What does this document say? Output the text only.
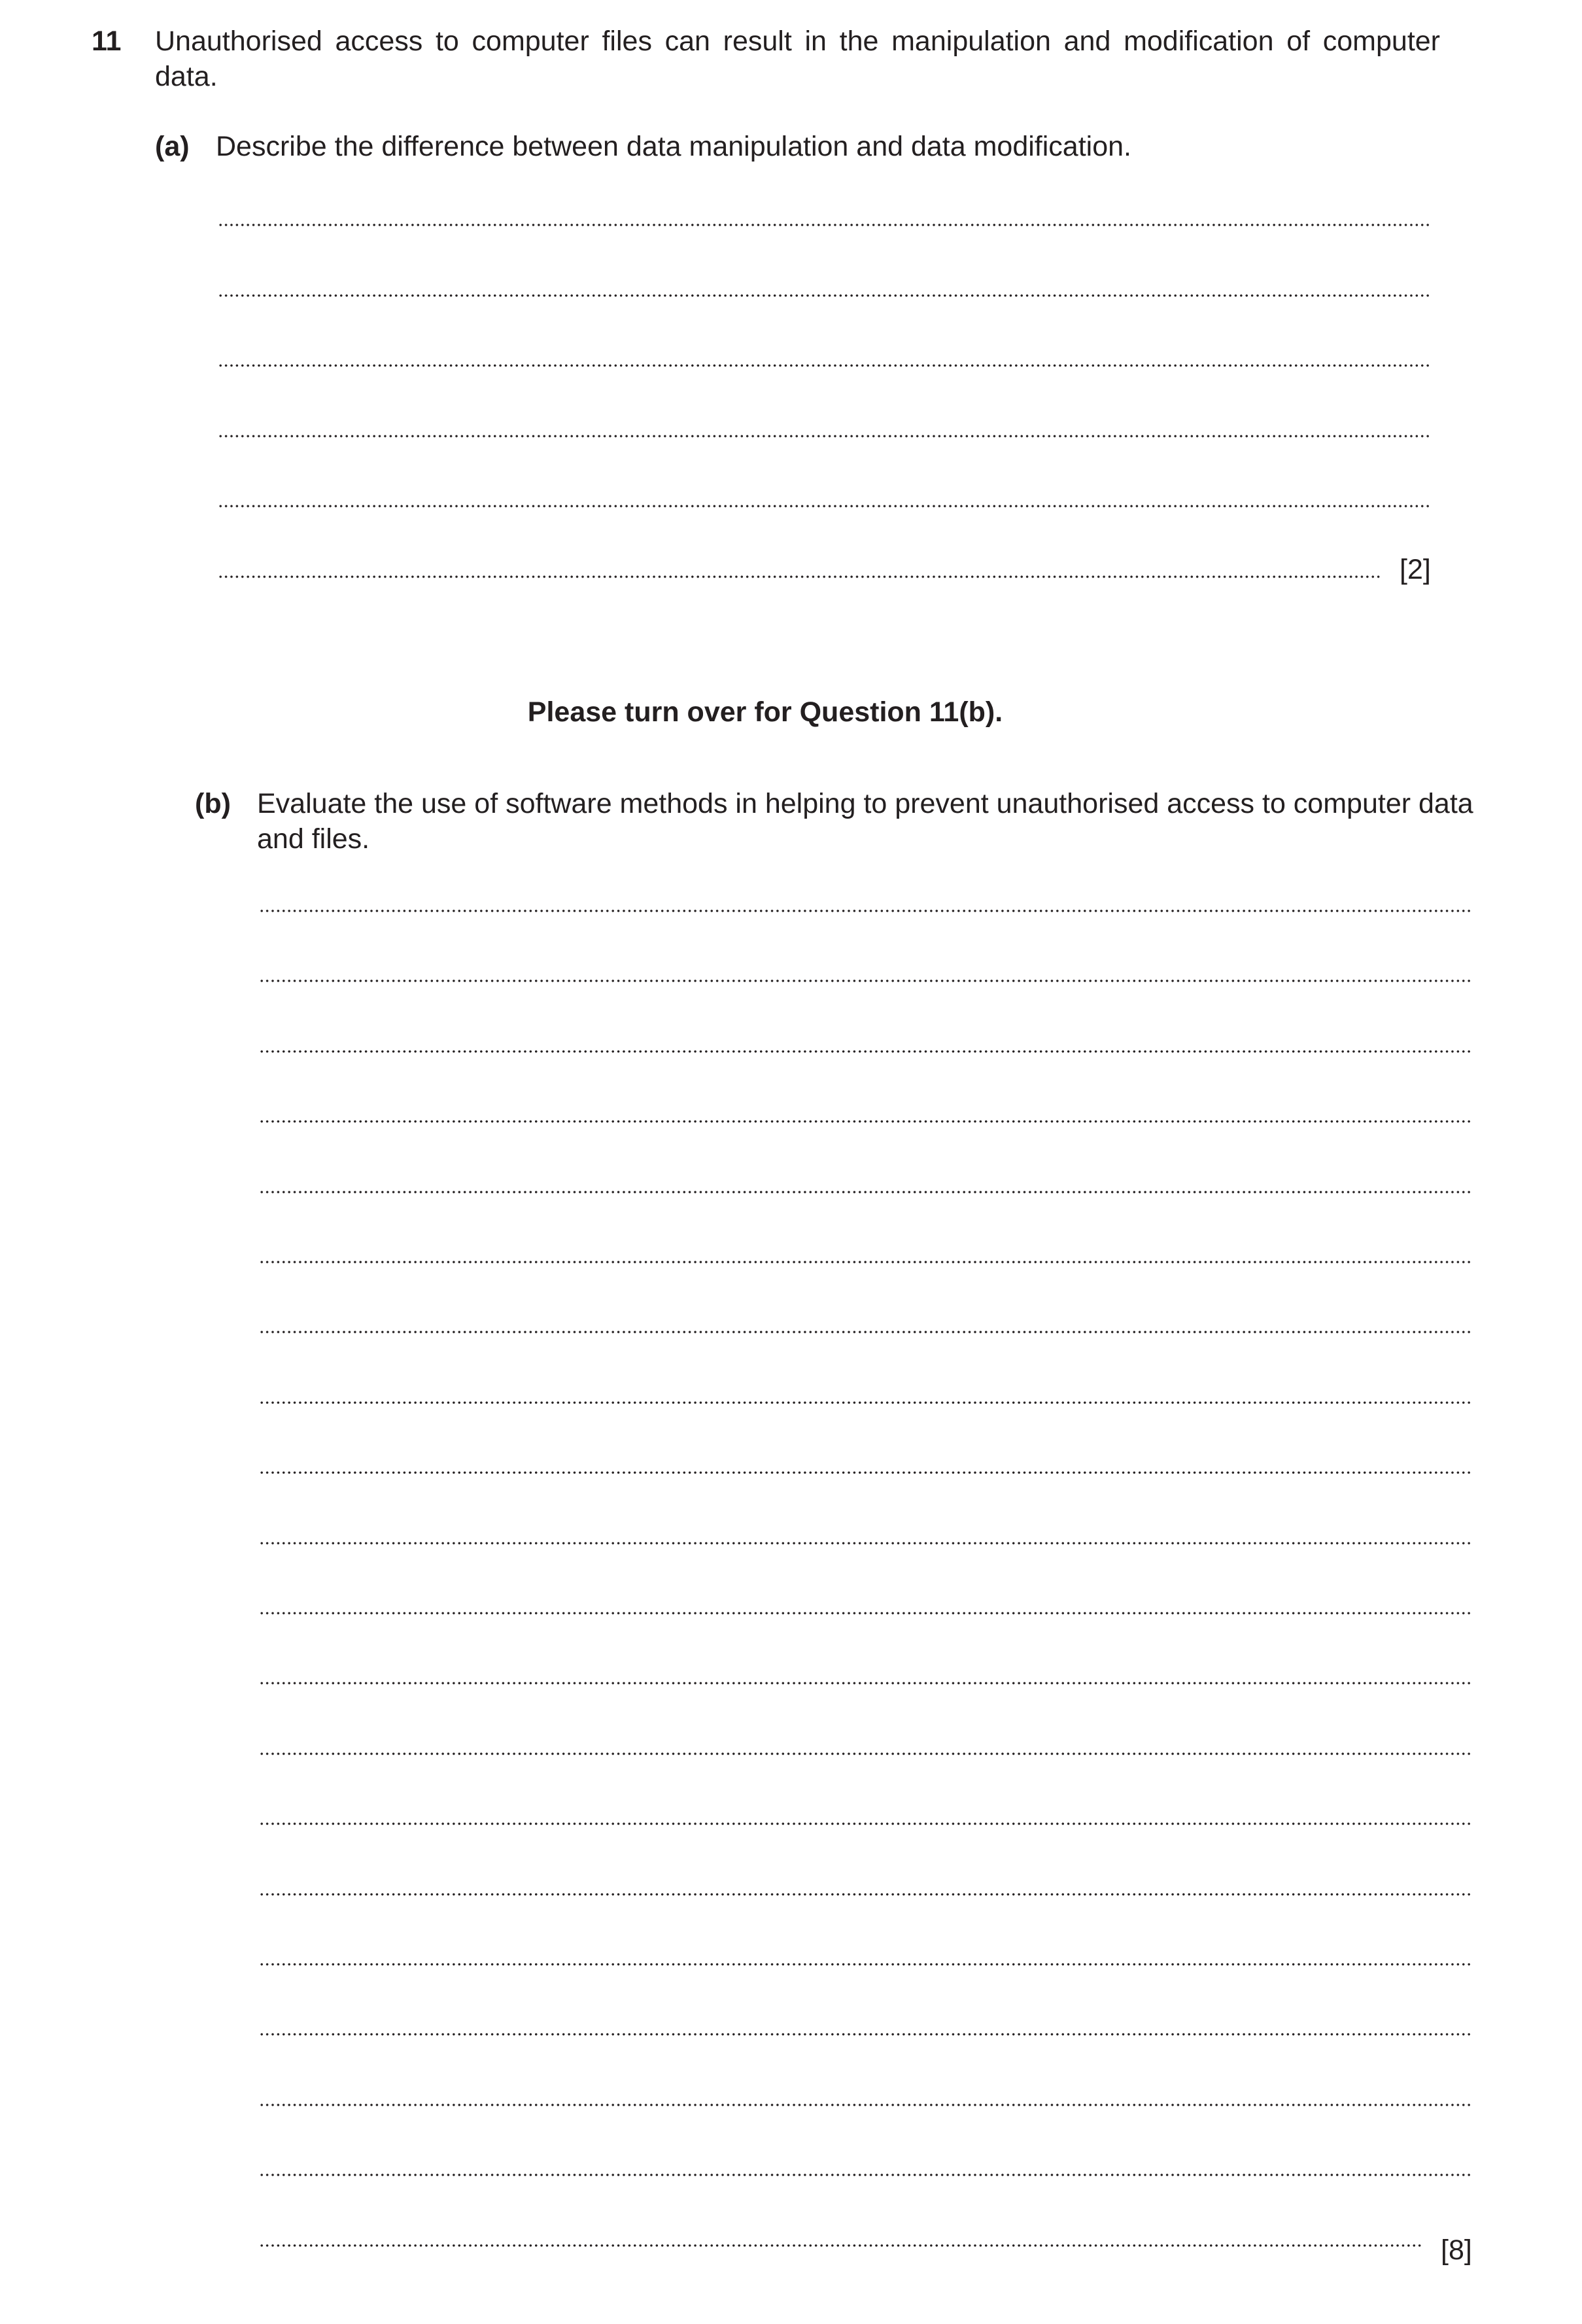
11 Unauthorised access to computer files can result in the manipulation and modification of computer data.
(a) Describe the difference between data manipulation and data modification.
[2]
Please turn over for Question 11(b).
(b) Evaluate the use of software methods in helping to prevent unauthorised access to computer data and files.
[8]
